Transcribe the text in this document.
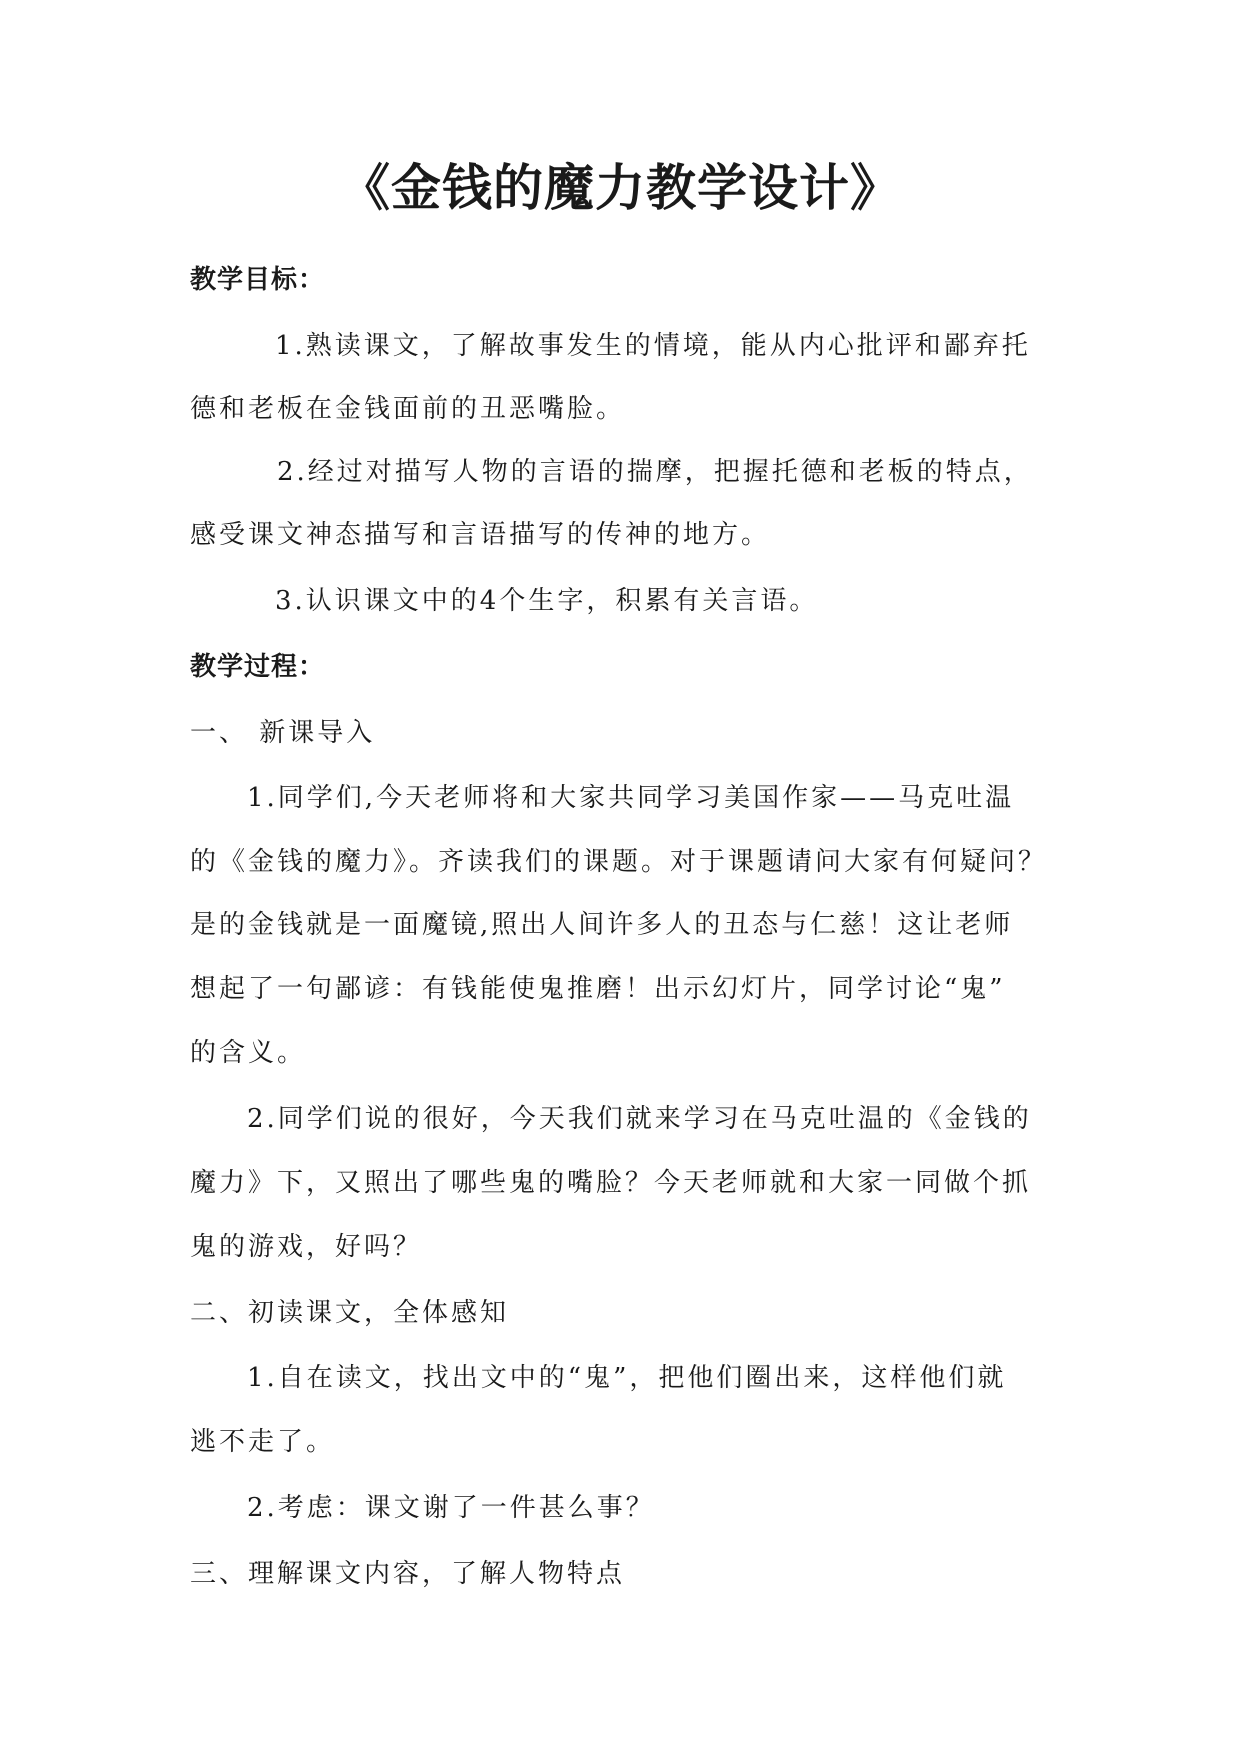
《金钱的魔力教学设计》
教学目标：
1.熟读课文，了解故事发生的情境，能从内心批评和鄙弃托
德和老板在金钱面前的丑恶嘴脸。
2.经过对描写人物的言语的揣摩，把握托德和老板的特点，
感受课文神态描写和言语描写的传神的地方。
3.认识课文中的4个生字，积累有关言语。
教学过程：
一、 新课导入
1.同学们,今天老师将和大家共同学习美国作家——马克吐温
的《金钱的魔力》。齐读我们的课题。对于课题请问大家有何疑问？
是的金钱就是一面魔镜,照出人间许多人的丑态与仁慈！这让老师
想起了一句鄙谚：有钱能使鬼推磨！出示幻灯片，同学讨论“鬼”
的含义。
2.同学们说的很好，今天我们就来学习在马克吐温的《金钱的
魔力》下，又照出了哪些鬼的嘴脸？今天老师就和大家一同做个抓
鬼的游戏，好吗？
二、初读课文，全体感知
1.自在读文，找出文中的“鬼”，把他们圈出来，这样他们就
逃不走了。
2.考虑：课文谢了一件甚么事？
三、理解课文内容，了解人物特点
